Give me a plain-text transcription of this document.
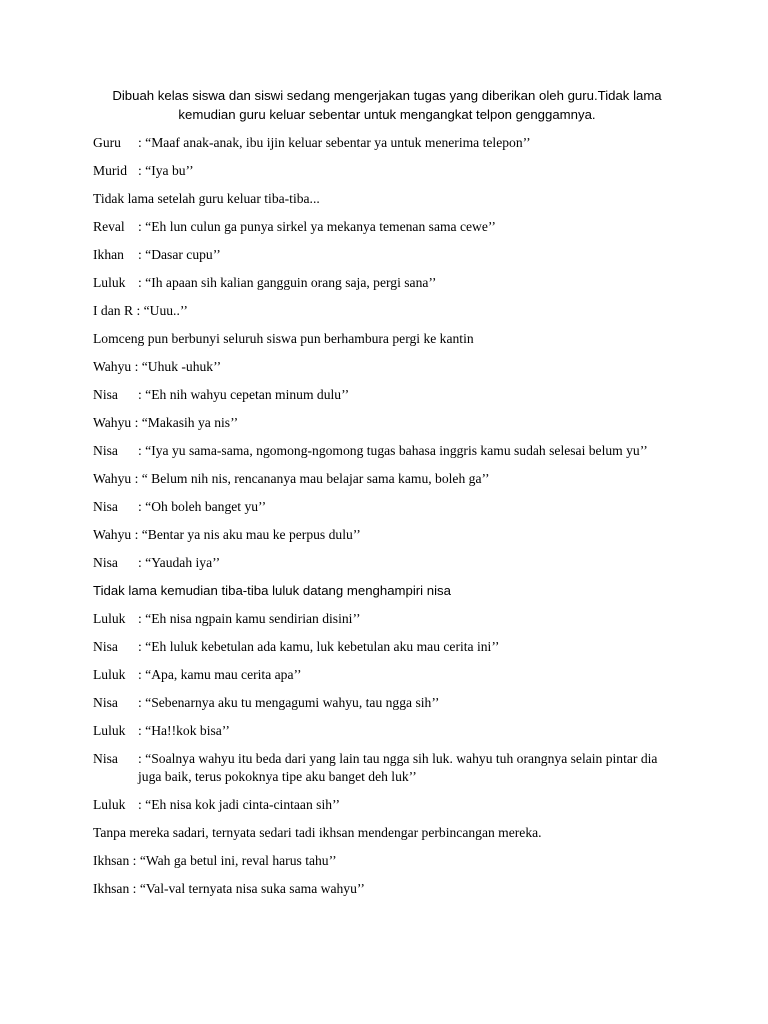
Dibuah kelas siswa dan siswi sedang mengerjakan tugas yang diberikan oleh guru.Tidak lama kemudian guru keluar sebentar untuk mengangkat telpon genggamnya.
Guru	: “Maaf anak-anak, ibu ijin keluar sebentar ya untuk menerima telepon’’
Murid : “Iya bu’’
Tidak lama setelah guru keluar tiba-tiba...
Reval : “Eh lun culun ga punya sirkel ya mekanya temenan sama cewe’’
Ikhan	: “Dasar cupu’’
Luluk : “Ih apaan sih kalian gangguin orang saja, pergi sana’’
I dan R : “Uuu..’’
Lomceng pun berbunyi seluruh siswa pun berhambura pergi ke kantin
Wahyu : “Uhuk -uhuk’’
Nisa	: “Eh nih wahyu cepetan minum dulu’’
Wahyu : “Makasih ya nis’’
Nisa	: “Iya yu sama-sama, ngomong-ngomong tugas bahasa inggris kamu sudah selesai belum yu’’
Wahyu : “ Belum nih nis, rencananya mau belajar sama kamu, boleh ga’’
Nisa	: “Oh boleh banget yu’’
Wahyu : “Bentar ya nis aku mau ke perpus dulu’’
Nisa	: “Yaudah iya’’
Tidak lama kemudian tiba-tiba luluk datang menghampiri nisa
Luluk : “Eh nisa ngpain kamu sendirian disini’’
Nisa	: “Eh luluk kebetulan ada kamu, luk kebetulan aku mau cerita ini’’
Luluk : “Apa, kamu mau cerita apa’’
Nisa	: “Sebenarnya aku tu mengagumi wahyu, tau ngga sih’’
Luluk : “Ha!!kok bisa’’
Nisa	: “Soalnya wahyu itu beda dari yang lain tau ngga sih luk. wahyu tuh orangnya selain pintar dia juga baik, terus pokoknya tipe aku banget deh luk’’
Luluk : “Eh nisa kok jadi cinta-cintaan sih’’
Tanpa mereka sadari, ternyata sedari tadi ikhsan mendengar perbincangan mereka.
Ikhsan : “Wah ga betul ini, reval harus tahu’’
Ikhsan : “Val-val ternyata nisa suka sama wahyu’’
